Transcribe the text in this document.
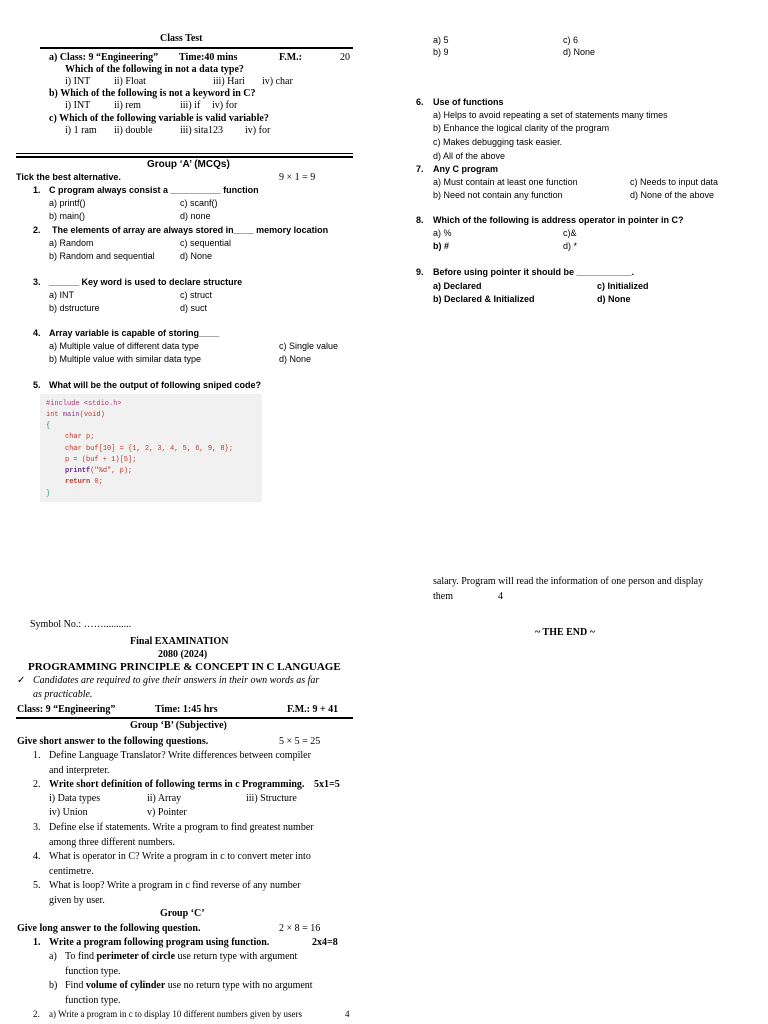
Class Test
a) Class: 9 “Engineering” Time:40 mins	F.M.:	20
Which of the following in not a data type?
i) INT ii) Float	iii) Hari iv) char
b) Which of the following is not a keyword in C?
i) INT ii) rem	iii) if iv) for
c) Which of the following variable is valid variable?
i) 1 ram ii) double	iii) sita123 iv) for
Group ‘A’ (MCQs)
Tick the best alternative.	9 × 1 = 9
1. C program always consist a __________ function
a) printf()	c) scanf()
b) main()	d) none
2. The elements of array are always stored in____ memory location
a) Random	c) sequential
b) Random and sequential	d) None
3. ______ Key word is used to declare structure
a) INT	c) struct
b) dstructure	d) suct
4. Array variable is capable of storing____
a) Multiple value of different data type	c) Single value
b) Multiple value with similar data type	d) None
5. What will be the output of following sniped code?
#include <stdio.h>
int main(void)
{
char p;
char buf[10] = {1, 2, 3, 4, 5, 6, 9, 8};
p = (buf + 1)[5];
printf("%d", p);
return 0;
}
a) 5	c) 6
b) 9	d) None
6. Use of functions
a) Helps to avoid repeating a set of statements many times
b) Enhance the logical clarity of the program
c) Makes debugging task easier.
d) All of the above
7. Any C program
a) Must contain at least one function	c) Needs to input data
b) Need not contain any function	d) None of the above
8. Which of the following is address operator in pointer in C?
a) %	c)&
b) #	d) *
9. Before using pointer it should be ___________.
a) Declared	c) Initialized
b) Declared & Initialized	d) None
salary. Program will read the information of one person and display
them	4
~ THE END ~
Symbol No.: ……...........
Final EXAMINATION
2080 (2024)
PROGRAMMING PRINCIPLE & CONCEPT IN C LANGUAGE
✓ Candidates are required to give their answers in their own words as far
as practicable.
Class: 9 “Engineering”	Time: 1:45 hrs	F.M.: 9 + 41
Group ‘B’ (Subjective)
Give short answer to the following questions.	5 × 5 = 25
1. Define Language Translator? Write differences between compiler
and interpreter.
2. Write short definition of following terms in c Programming. 5x1=5
i) Data types	ii) Array	iii) Structure
iv) Union	v) Pointer
3. Define else if statements. Write a program to find greatest number
among three different numbers.
4. What is operator in C? Write a program in c to convert meter into
centimetre.
5. What is loop? Write a program in c find reverse of any number
given by user.
Group ‘C’
Give long answer to the following question.	2 × 8 = 16
1. Write a program following program using function.	2x4=8
a) To find perimeter of circle use return type with argument
function type.
b) Find volume of cylinder use no return type with no argument
function type.
2. a) Write a program in c to display 10 different numbers given by users	4
